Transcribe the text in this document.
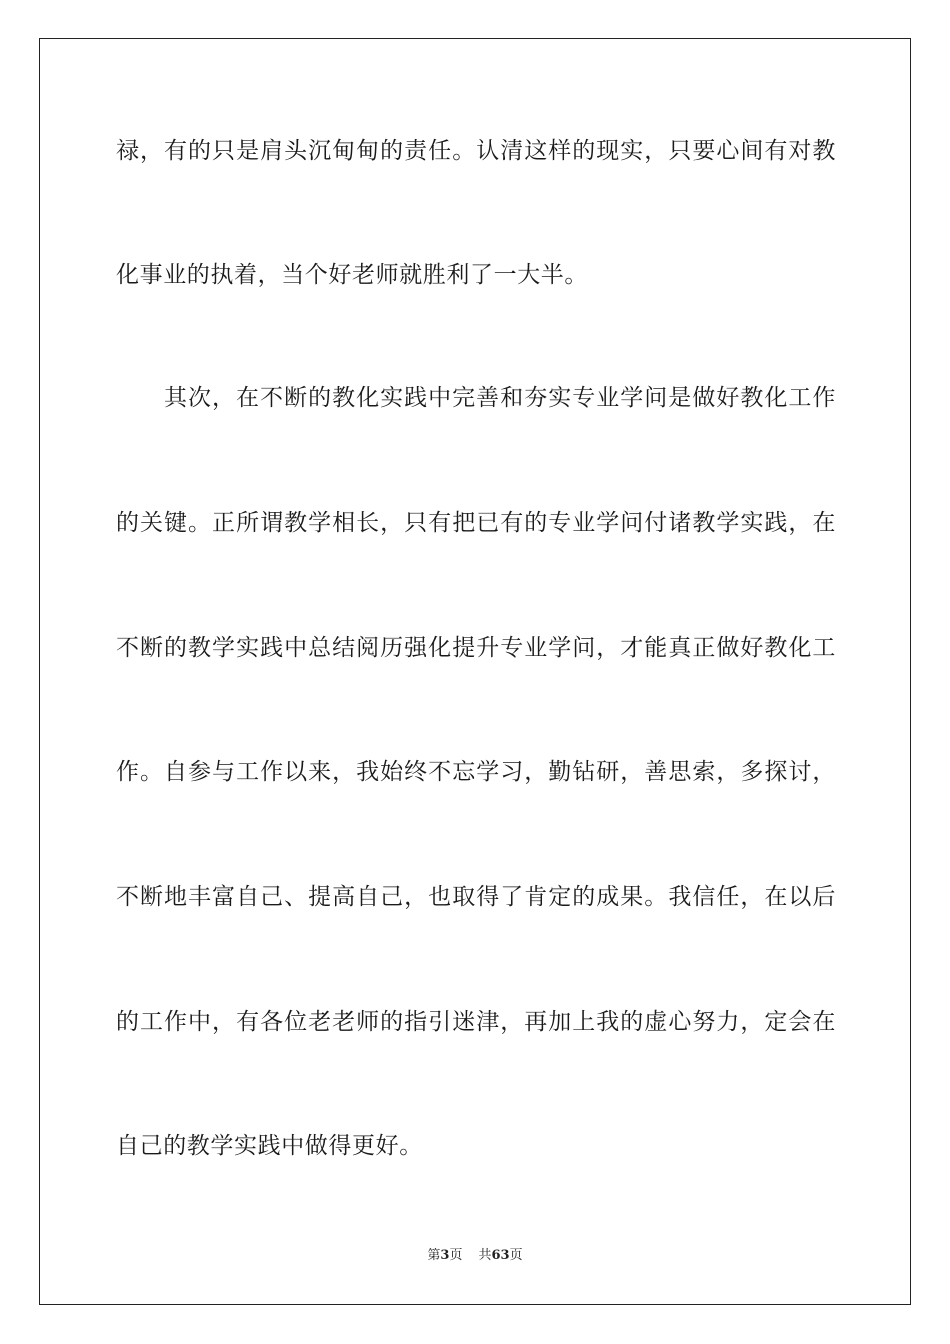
禄，有的只是肩头沉甸甸的责任。认清这样的现实，只要心间有对教
化事业的执着，当个好老师就胜利了一大半。
其次，在不断的教化实践中完善和夯实专业学问是做好教化工作
的关键。正所谓教学相长，只有把已有的专业学问付诸教学实践，在
不断的教学实践中总结阅历强化提升专业学问，才能真正做好教化工
作。自参与工作以来，我始终不忘学习，勤钻研，善思索，多探讨，
不断地丰富自己、提高自己，也取得了肯定的成果。我信任，在以后
的工作中，有各位老老师的指引迷津，再加上我的虚心努力，定会在
自己的教学实践中做得更好。
第3页 共63页
